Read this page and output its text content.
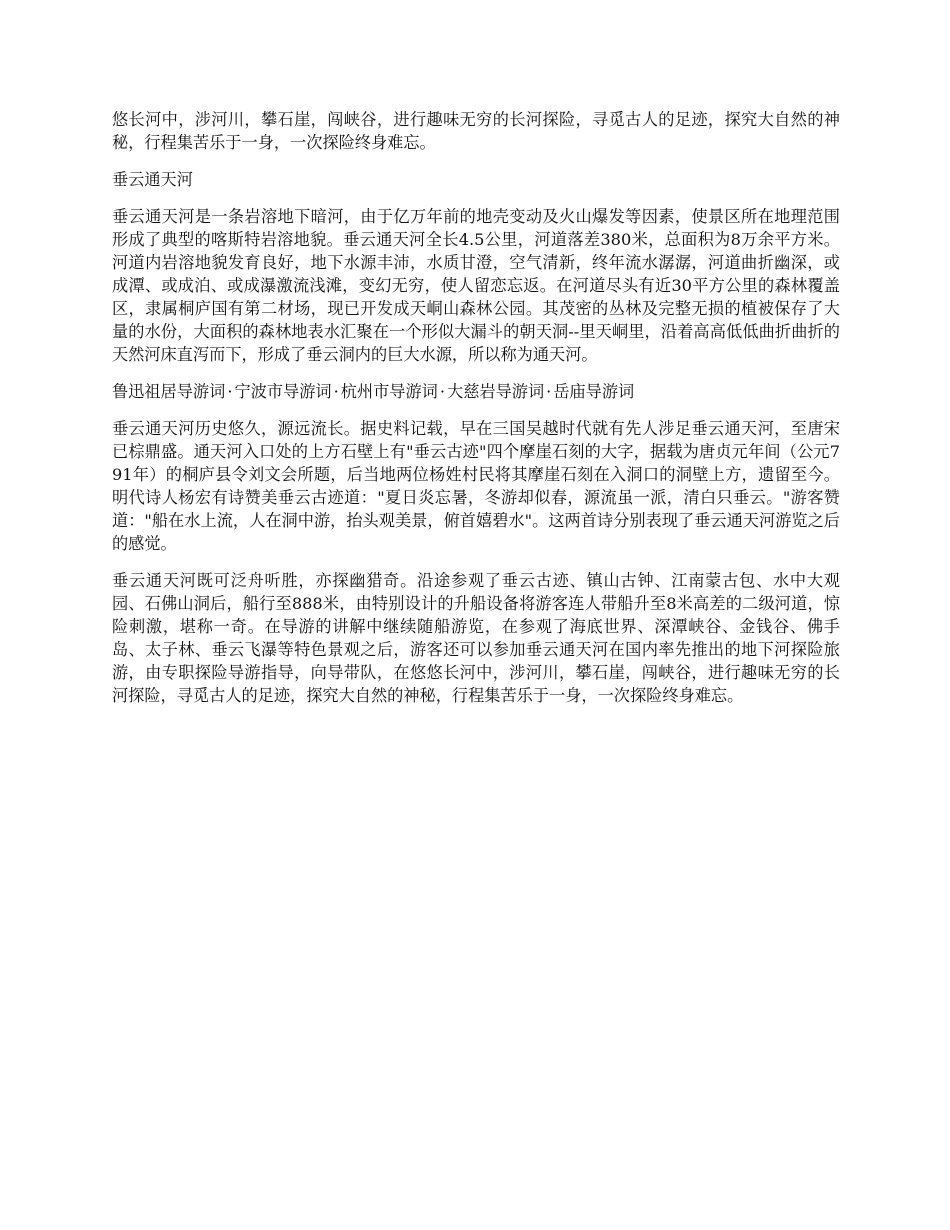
悠长河中，涉河川，攀石崖，闯峡谷，进行趣味无穷的长河探险，寻觅古人的足迹，探究大自然的神秘，行程集苦乐于一身，一次探险终身难忘。

垂云通天河

垂云通天河是一条岩溶地下暗河，由于亿万年前的地壳变动及火山爆发等因素，使景区所在地理范围形成了典型的喀斯特岩溶地貌。垂云通天河全长4.5公里，河道落差380米，总面积为8万余平方米。河道内岩溶地貌发育良好，地下水源丰沛，水质甘澄，空气清新，终年流水潺潺，河道曲折幽深，或成潭、或成泊、或成瀑激流浅滩，变幻无穷，使人留恋忘返。在河道尽头有近30平方公里的森林覆盖区，隶属桐庐国有第二材场，现已开发成天峒山森林公园。其茂密的丛林及完整无损的植被保存了大量的水份，大面积的森林地表水汇聚在一个形似大漏斗的朝天洞--里天峒里，沿着高高低低曲折曲折的天然河床直泻而下，形成了垂云洞内的巨大水源，所以称为通天河。

鲁迅祖居导游词 · 宁波市导游词 · 杭州市导游词 · 大慈岩导游词 · 岳庙导游词

垂云通天河历史悠久，源远流长。据史料记载，早在三国吴越时代就有先人涉足垂云通天河，至唐宋已棕鼎盛。通天河入口处的上方石壁上有"垂云古迹"四个摩崖石刻的大字，据载为唐贞元年间（公元791年）的桐庐县令刘文会所题，后当地两位杨姓村民将其摩崖石刻在入洞口的洞壁上方，遗留至今。明代诗人杨宏有诗赞美垂云古迹道："夏日炎忘暑，冬游却似春，源流虽一派，清白只垂云。"游客赞道："船在水上流，人在洞中游，抬头观美景，俯首嬉碧水"。这两首诗分别表现了垂云通天河游览之后的感觉。

垂云通天河既可泛舟听胜，亦探幽猎奇。沿途参观了垂云古迹、镇山古钟、江南蒙古包、水中大观园、石佛山洞后，船行至888米，由特别设计的升船设备将游客连人带船升至8米高差的二级河道，惊险刺激，堪称一奇。在导游的讲解中继续随船游览，在参观了海底世界、深潭峡谷、金钱谷、佛手岛、太子林、垂云飞瀑等特色景观之后，游客还可以参加垂云通天河在国内率先推出的地下河探险旅游，由专职探险导游指导，向导带队，在悠悠长河中，涉河川，攀石崖，闯峡谷，进行趣味无穷的长河探险，寻觅古人的足迹，探究大自然的神秘，行程集苦乐于一身，一次探险终身难忘。
